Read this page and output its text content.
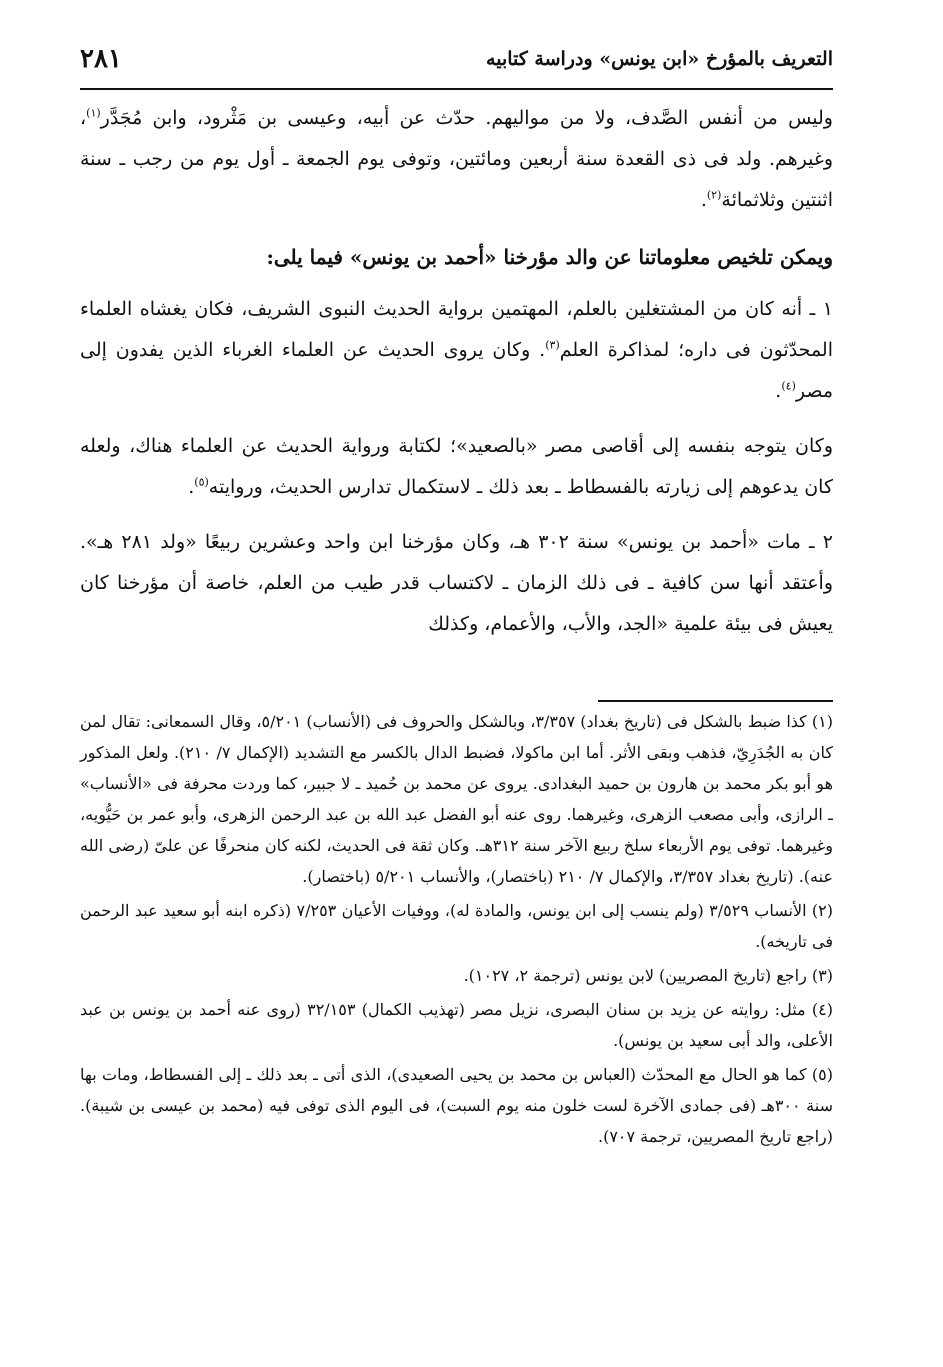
التعريف بالمؤرخ «ابن يونس» ودراسة كتابيه
٢٨١

وليس من أنفس الصَّدف، ولا من مواليهم. حدّث عن أبيه، وعيسى بن مَثْرود، وابن مُجَدَّر$^{(١)}$، وغيرهم. ولد فى ذى القعدة سنة أربعين ومائتين، وتوفى يوم الجمعة ـ أول يوم من رجب ـ سنة اثنتين وثلاثمائة$^{(٢)}$.

ويمكن تلخيص معلوماتنا عن والد مؤرخنا «أحمد بن يونس» فيما يلى:

١ ـ أنه كان من المشتغلين بالعلم، المهتمين برواية الحديث النبوى الشريف، فكان يغشاه العلماء المحدّثون فى داره؛ لمذاكرة العلم$^{(٣)}$. وكان يروى الحديث عن العلماء الغرباء الذين يفدون إلى مصر$^{(٤)}$.

وكان يتوجه بنفسه إلى أقاصى مصر «بالصعيد»؛ لكتابة ورواية الحديث عن العلماء هناك، ولعله كان يدعوهم إلى زيارته بالفسطاط ـ بعد ذلك ـ لاستكمال تدارس الحديث، وروايته$^{(٥)}$.

٢ ـ مات «أحمد بن يونس» سنة ٣٠٢ هـ، وكان مؤرخنا ابن واحد وعشرين ربيعًا «ولد ٢٨١ هـ». وأعتقد أنها سن كافية ـ فى ذلك الزمان ـ لاكتساب قدر طيب من العلم، خاصة أن مؤرخنا كان يعيش فى بيئة علمية «الجد، والأب، والأعمام، وكذلك

(١) كذا ضبط بالشكل فى (تاريخ بغداد) ٣/٣٥٧، وبالشكل والحروف فى (الأنساب) ٥/٢٠١، وقال السمعانى: تقال لمن كان به الجُدَرِيّ، فذهب وبقى الأثر. أما ابن ماكولا، فضبط الدال بالكسر مع التشديد (الإكمال ٧/ ٢١٠). ولعل المذكور هو أبو بكر محمد بن هارون بن حميد البغدادى. يروى عن محمد بن حُميد ـ لا جبير، كما وردت محرفة فى «الأنساب» ـ الرازى، وأبى مصعب الزهرى، وغيرهما. روى عنه أبو الفضل عبد الله بن عبد الرحمن الزهرى، وأبو عمر بن حَيُّويه، وغيرهما. توفى يوم الأربعاء سلخ ربيع الآخر سنة ٣١٢هـ. وكان ثقة فى الحديث، لكنه كان منحرفًا عن علىّ (رضى الله عنه). (تاريخ بغداد ٣/٣٥٧، والإكمال ٧/ ٢١٠ (باختصار)، والأنساب ٥/٢٠١ (باختصار).

(٢) الأنساب ٣/٥٢٩ (ولم ينسب إلى ابن يونس، والمادة له)، ووفيات الأعيان ٧/٢٥٣ (ذكره ابنه أبو سعيد عبد الرحمن فى تاريخه).

(٣) راجع (تاريخ المصريين) لابن يونس (ترجمة ٢، ١٠٢٧).

(٤) مثل: روايته عن يزيد بن سنان البصرى، نزيل مصر (تهذيب الكمال) ٣٢/١٥٣ (روى عنه أحمد بن يونس بن عبد الأعلى، والد أبى سعيد بن يونس).

(٥) كما هو الحال مع المحدّث (العباس بن محمد بن يحيى الصعيدى)، الذى أتى ـ بعد ذلك ـ إلى الفسطاط، ومات بها سنة ٣٠٠هـ (فى جمادى الآخرة لست خلون منه يوم السبت)، فى اليوم الذى توفى فيه (محمد بن عيسى بن شيبة). (راجع تاريخ المصريين، ترجمة ٧٠٧).
